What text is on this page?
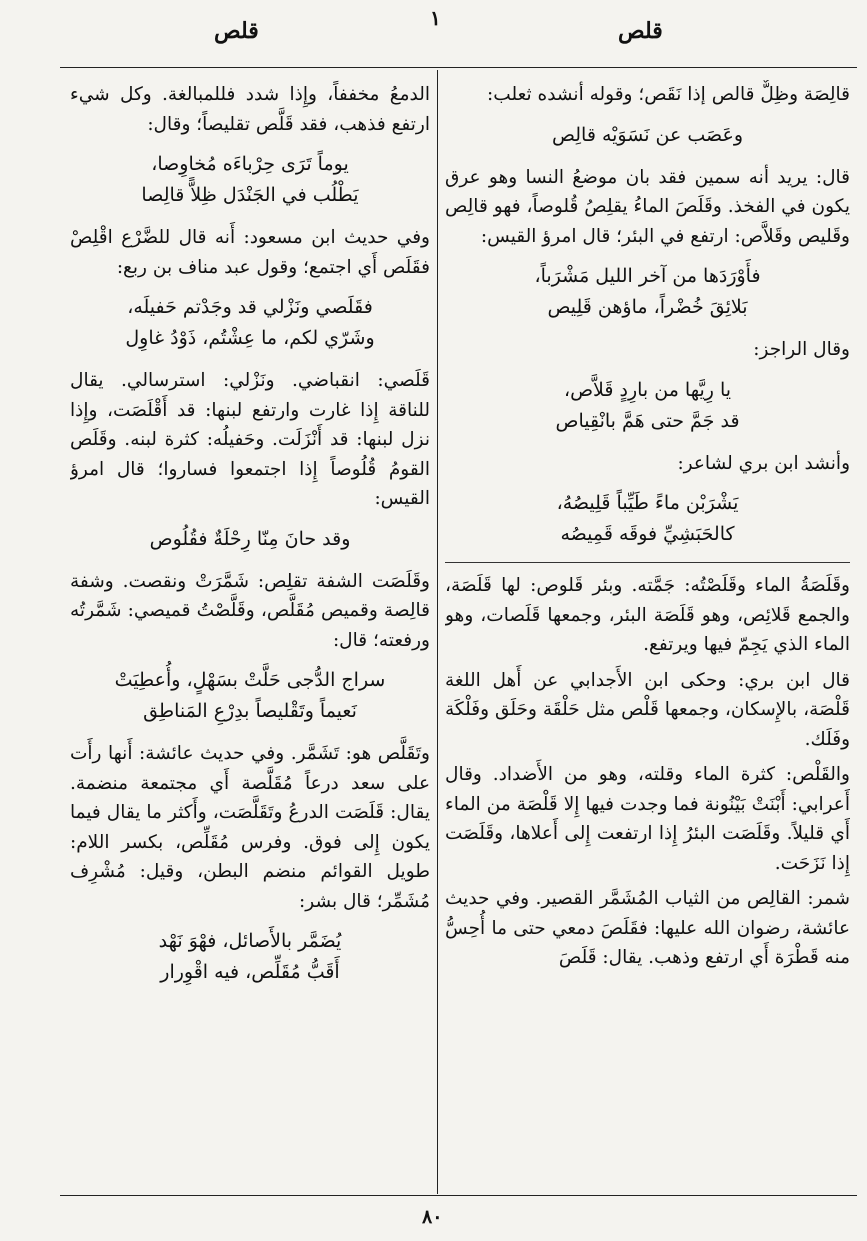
قلص
١
قلص

قالِصَة وظِلٌّ قالص إذا نَقَص؛ وقوله أنشده ثعلب:

وعَصَب عن نَسَوَيْه قالِص

قال: يريد أنه سمين فقد بان موضعُ النسا وهو عرق يكون في الفخذ. وقَلَصَ الماءُ يقلِصُ قُلوصاً، فهو قالِص وقَليص وقَلاَّص: ارتفع في البئر؛ قال امرؤ القيس:

فأَوْرَدَها من آخر الليل مَشْرَباً،
بَلائِقَ خُضْراً، ماؤهن قَلِيص

وقال الراجز:

يا رِيَّها من بارِدٍ قَلاَّص،
قد جَمَّ حتى هَمَّ بانْقِياص

وأنشد ابن بري لشاعر:

يَشْرَبْن ماءً طَيِّباً قَلِيصُهُ،
كالحَبَشِيِّ فوقَه قَمِيصُه

وقَلَصَةُ الماء وقَلَصْتُه: جَمَّته. وبئر قَلوص: لها قَلَصَة، والجمع قَلائِص، وهو قَلَصَة البئر، وجمعها قَلَصات، وهو الماء الذي يَجِمّ فيها ويرتفع.

قال ابن بري: وحكى ابن الأَجدابي عن أَهل اللغة قَلْصَة، بالإِسكان، وجمعها قَلْص مثل حَلْقَة وحَلَق وفَلْكَة وفَلَك.

والقَلْص: كثرة الماء وقلته، وهو من الأَضداد. وقال أَعرابي: أَبْنَتْ بَيْنُونة فما وجدت فيها إِلا قَلْصَة من الماء أَي قليلاً. وقَلَصَت البئرُ إِذا ارتفعت إِلى أَعلاها، وقَلَصَت إِذا نَزَحَت.

شمر: القالِص من الثياب المُشَمَّر القصير. وفي حديث عائشة، رضوان الله عليها: فقَلَصَ دمعي حتى ما أُحِسُّ منه قَطْرَة أَي ارتفع وذهب. يقال: قَلَصَ

الدمعُ مخففاً، وإِذا شدد فللمبالغة. وكل شيء ارتفع فذهب، فقد قَلَّص تقليصاً؛ وقال:

يوماً تَرَى حِرْباءَه مُخاوِصا،
يَطْلُب في الجَنْدَل ظِلاًّ قالِصا

وفي حديث ابن مسعود: أَنه قال للضَّرْع اقْلِصْ فقَلَص أَي اجتمع؛ وقول عبد مناف بن ربع:

فقَلَصي ونَزْلي قد وجَدْتم حَفيلَه،
وشَرّي لكم، ما عِشْتُم، ذَوْدُ غاوِل

قَلَصي: انقباضي. ونَزْلي: استرسالي. يقال للناقة إِذا غارت وارتفع لبنها: قد أَقْلَصَت، وإِذا نزل لبنها: قد أَنْزَلَت. وحَفيلُه: كثرة لبنه. وقَلَص القومُ قُلُوصاً إِذا اجتمعوا فساروا؛ قال امرؤ القيس:

وقد حانَ مِنّا رِحْلَةٌ فقُلُوص

وقَلَصَت الشفة تقلِص: شَمَّرَتْ ونقصت. وشفة قالِصة وقميص مُقَلَّص، وقَلَّصْتُ قميصي: شَمَّرتُه ورفعته؛ قال:

سراج الدُّجى حَلَّتْ بسَهْلٍ، وأُعطِيَتْ
نَعيماً وتَقْليصاً بدِرْعِ المَناطِق

وتَقَلَّص هو: تَشَمَّر. وفي حديث عائشة: أَنها رأَت على سعد درعاً مُقَلَّصة أَي مجتمعة منضمة. يقال: قَلَصَت الدرعُ وتَقَلَّصَت، وأَكثر ما يقال فيما يكون إِلى فوق. وفرس مُقَلِّص، بكسر اللام: طويل القوائم منضم البطن، وقيل: مُشْرِف مُشَمِّر؛ قال بشر:

يُضَمَّر بالأَصائل، فهْوَ نَهْد
أَقَبُّ مُقَلِّص، فيه اقْوِرار
٨٠
